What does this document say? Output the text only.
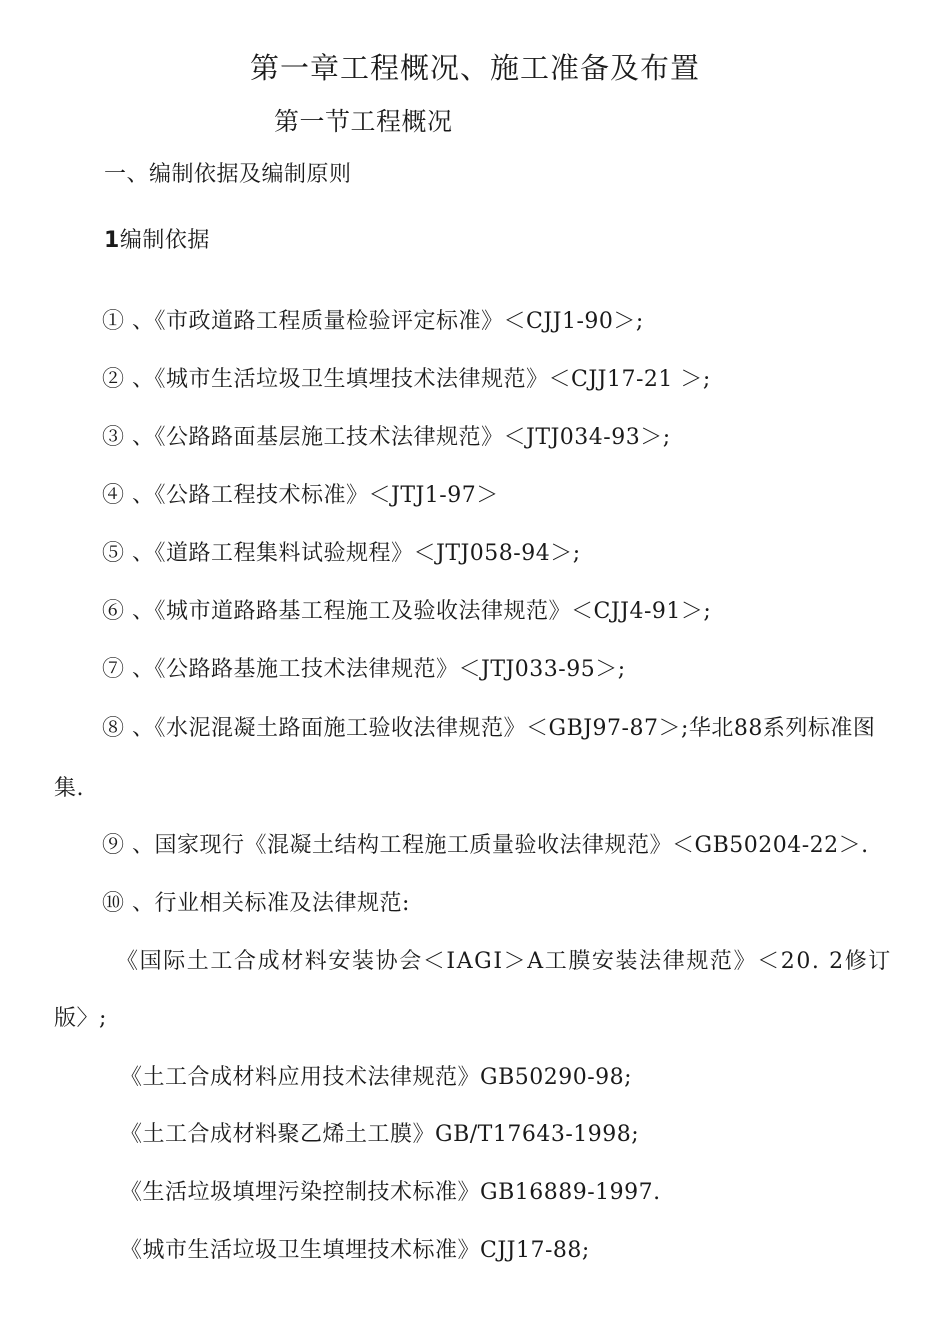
第一章工程概况、施工准备及布置
第一节工程概况
一、编制依据及编制原则
1编制依据
① 、《市政道路工程质量检验评定标准》＜CJJ1-90＞;
② 、《城市生活垃圾卫生填埋技术法律规范》＜CJJ17-21 ＞;
③ 、《公路路面基层施工技术法律规范》＜JTJ034-93＞;
④ 、《公路工程技术标准》＜JTJ1-97＞
⑤ 、《道路工程集料试验规程》＜JTJ058-94＞;
⑥ 、《城市道路路基工程施工及验收法律规范》＜CJJ4-91＞;
⑦ 、《公路路基施工技术法律规范》＜JTJ033-95＞;
⑧ 、《水泥混凝土路面施工验收法律规范》＜GBJ97-87＞;华北88系列标准图
集.
⑨ 、国家现行《混凝土结构工程施工质量验收法律规范》＜GB50204-22＞.
⑩ 、行业相关标准及法律规范:
《国际土工合成材料安装协会＜IAGI＞A工膜安装法律规范》＜20. 2修订
版〉;
《土工合成材料应用技术法律规范》GB50290-98;
《土工合成材料聚乙烯土工膜》GB/T17643-1998;
《生活垃圾填埋污染控制技术标准》GB16889-1997.
《城市生活垃圾卫生填埋技术标准》CJJ17-88;
